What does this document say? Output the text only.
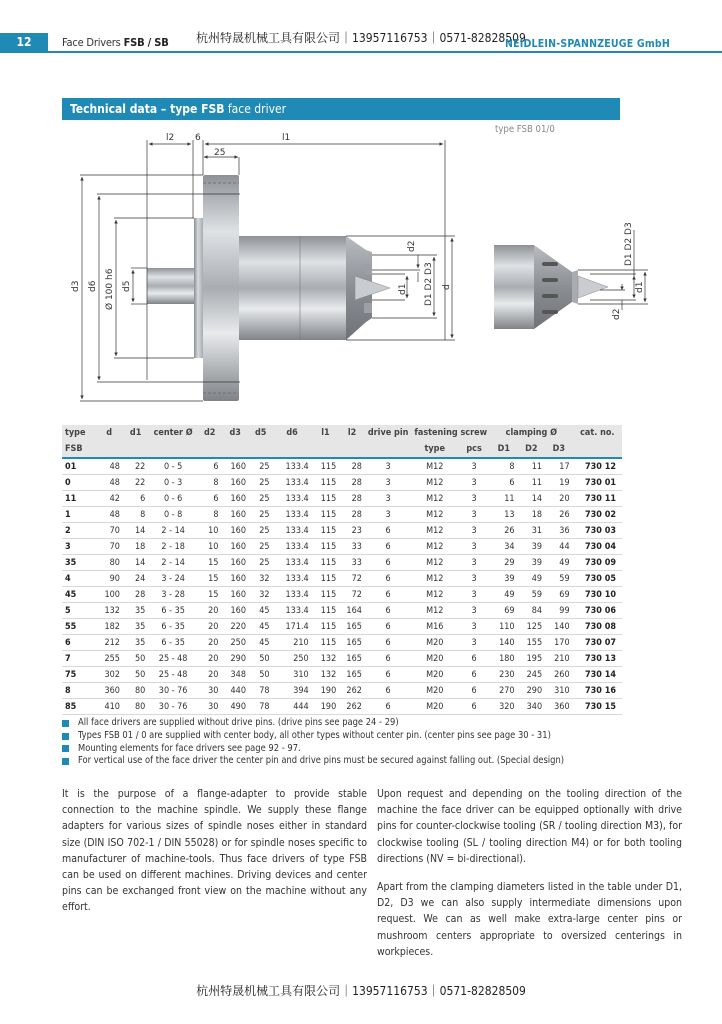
12	Face Drivers FSB / SB 杭州特晟机械工具有限公司｜13957116753｜0571-82828509
NEIDLEIN-SPANNZEUGE GmbH
Technical data – type FSB face driver
type FSB 01/0
l2 6	l1
25
d3 d6 Ø 100 h6 d5
d2
d1 D1 D2 D3 d
D1 D2 D3
d1
d2
type	d	d1	center Ø	d2	d3	d5	d6	l1	l2	drive pin	fastening screw		clamping Ø			cat. no.
FSB											type	pcs	D1	D2	D3	
01	48	22	0 - 5	6	160	25	133.4	115	28	3	M12	3	8	11	17	730 12
0	48	22	0 - 3	8	160	25	133.4	115	28	3	M12	3	6	11	19	730 01
11	42	6	0 - 6	6	160	25	133.4	115	28	3	M12	3	11	14	20	730 11
1	48	8	0 - 8	8	160	25	133.4	115	28	3	M12	3	13	18	26	730 02
2	70	14	2 - 14	10	160	25	133.4	115	23	6	M12	3	26	31	36	730 03
3	70	18	2 - 18	10	160	25	133.4	115	33	6	M12	3	34	39	44	730 04
35	80	14	2 - 14	15	160	25	133.4	115	33	6	M12	3	29	39	49	730 09
4	90	24	3 - 24	15	160	32	133.4	115	72	6	M12	3	39	49	59	730 05
45	100	28	3 - 28	15	160	32	133.4	115	72	6	M12	3	49	59	69	730 10
5	132	35	6 - 35	20	160	45	133.4	115	164	6	M12	3	69	84	99	730 06
55	182	35	6 - 35	20	220	45	171.4	115	165	6	M16	3	110	125	140	730 08
6	212	35	6 - 35	20	250	45	210	115	165	6	M20	3	140	155	170	730 07
7	255	50	25 - 48	20	290	50	250	132	165	6	M20	6	180	195	210	730 13
75	302	50	25 - 48	20	348	50	310	132	165	6	M20	6	230	245	260	730 14
8	360	80	30 - 76	30	440	78	394	190	262	6	M20	6	270	290	310	730 16
85	410	80	30 - 76	30	490	78	444	190	262	6	M20	6	320	340	360	730 15
All face drivers are supplied without drive pins. (drive pins see page 24 - 29)
Types FSB 01 / 0 are supplied with center body, all other types without center pin. (center pins see page 30 - 31)
Mounting elements for face drivers see page 92 - 97.
For vertical use of the face driver the center pin and drive pins must be secured against falling out. (Special design)
It is the purpose of a flange-adapter to provide stable connection to the machine spindle. We supply these flange adapters for various sizes of spindle noses either in standard size (DIN ISO 702-1 / DIN 55028) or for spindle noses specific to manufacturer of machine-tools. Thus face drivers of type FSB can be used on different machines. Driving devices and center pins can be exchanged front view on the machine without any effort.
Upon request and depending on the tooling direction of the machine the face driver can be equipped optionally with drive pins for counter-clockwise tooling (SR / tooling direction M3), for clockwise tooling (SL / tooling direction M4) or for both tooling directions (NV = bi-directional).
Apart from the clamping diameters listed in the table under D1, D2, D3 we can also supply intermediate dimensions upon request. We can as well make extra-large center pins or mushroom centers appropriate to oversized centerings in workpieces.
杭州特晟机械工具有限公司｜13957116753｜0571-82828509
